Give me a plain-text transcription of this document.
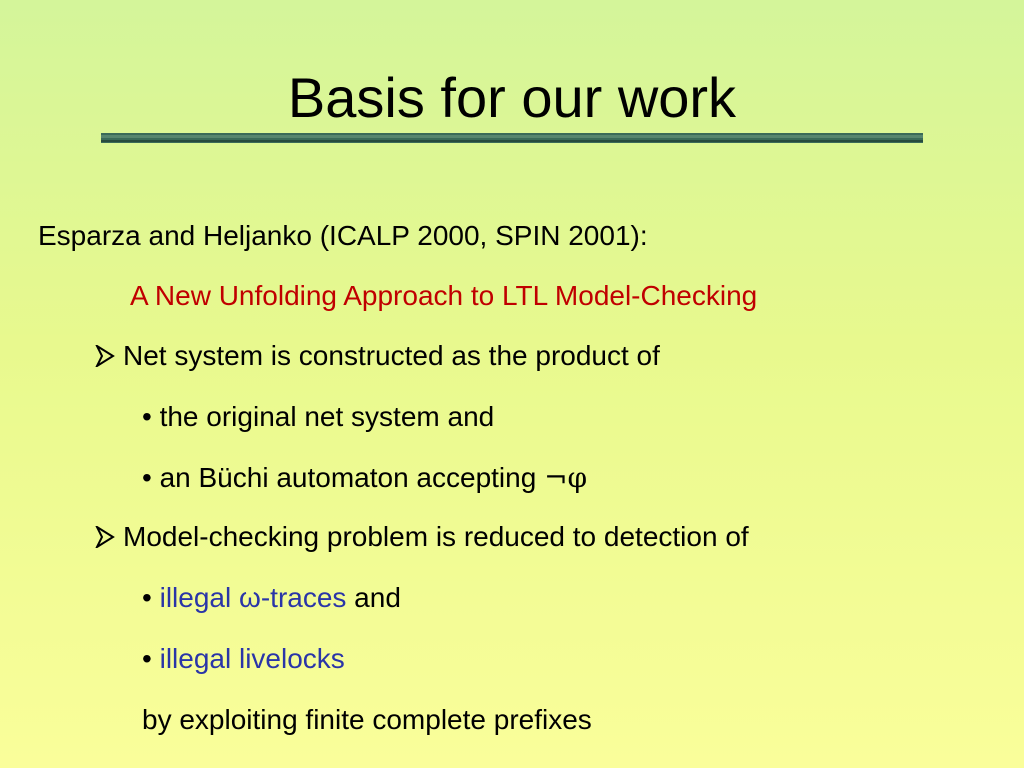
Basis for our work
Esparza and Heljanko (ICALP 2000, SPIN 2001):
A New Unfolding Approach to LTL Model-Checking
Net system is constructed as the product of
• the original net system and
• an Büchi automaton accepting ¬φ
Model-checking problem is reduced to detection of
• illegal ω-traces and
• illegal livelocks
by exploiting finite complete prefixes
